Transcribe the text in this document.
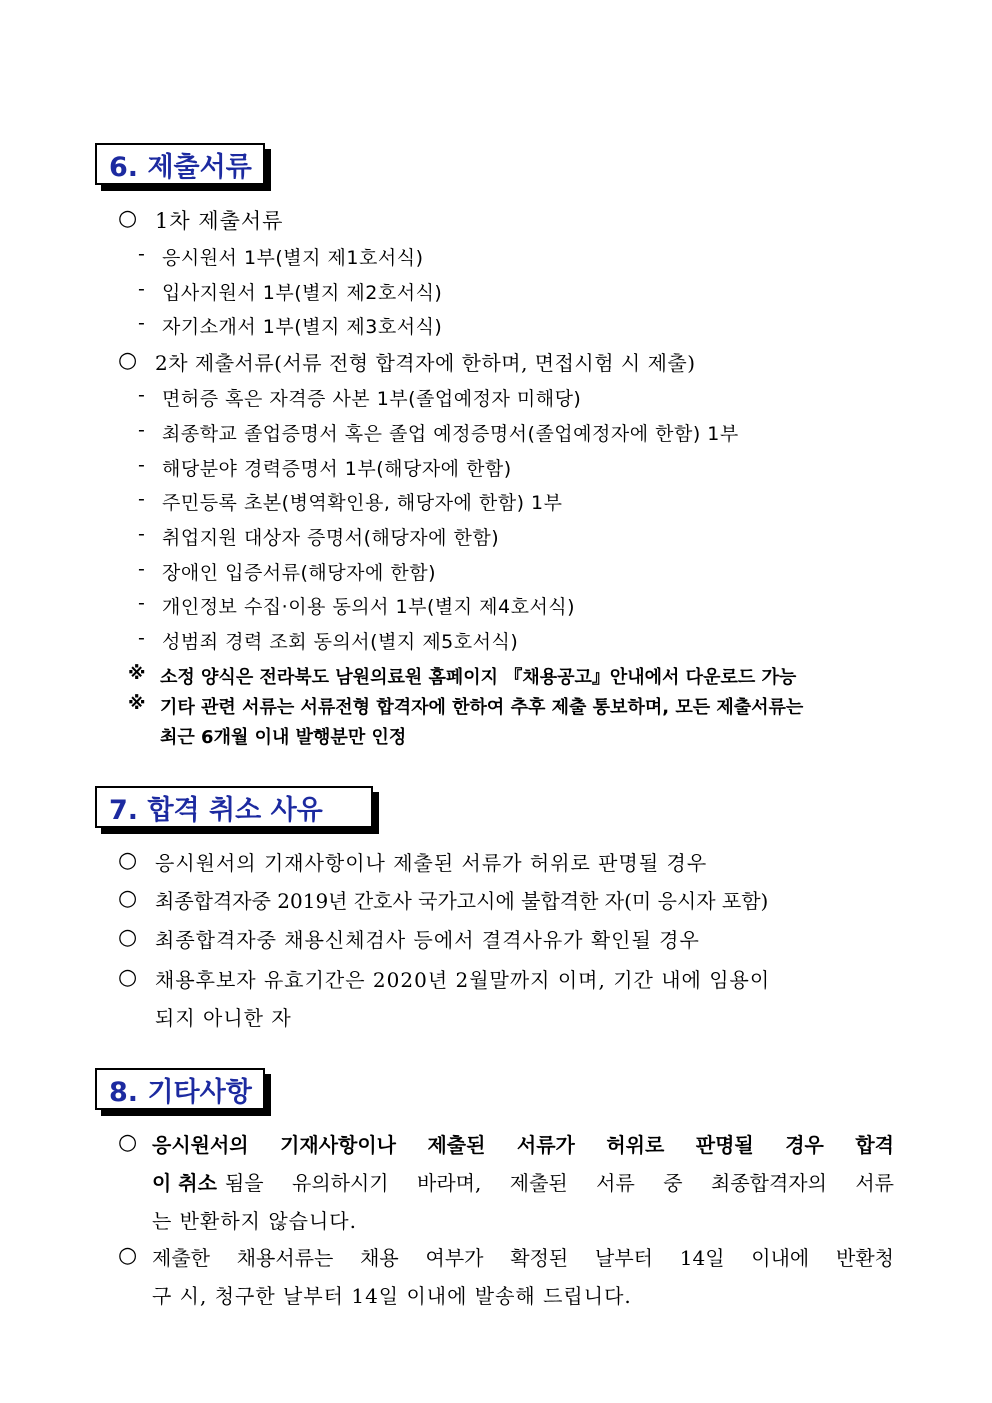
6. 제출서류
○ 1차 제출서류
- 응시원서 1부(별지 제1호서식)
- 입사지원서 1부(별지 제2호서식)
- 자기소개서 1부(별지 제3호서식)
○ 2차 제출서류(서류 전형 합격자에 한하며, 면접시험 시 제출)
- 면허증 혹은 자격증 사본 1부(졸업예정자 미해당)
- 최종학교 졸업증명서 혹은 졸업 예정증명서(졸업예정자에 한함) 1부
- 해당분야 경력증명서 1부(해당자에 한함)
- 주민등록 초본(병역확인용, 해당자에 한함) 1부
- 취업지원 대상자 증명서(해당자에 한함)
- 장애인 입증서류(해당자에 한함)
- 개인정보 수집·이용 동의서 1부(별지 제4호서식)
- 성범죄 경력 조회 동의서(별지 제5호서식)
※ 소정 양식은 전라북도 남원의료원 홈페이지 『채용공고』안내에서 다운로드 가능
※ 기타 관련 서류는 서류전형 합격자에 한하여 추후 제출 통보하며, 모든 제출서류는
최근 6개월 이내 발행분만 인정
7. 합격 취소 사유
○ 응시원서의 기재사항이나 제출된 서류가 허위로 판명될 경우
○ 최종합격자중 2019년 간호사 국가고시에 불합격한 자(미 응시자 포함)
○ 최종합격자중 채용신체검사 등에서 결격사유가 확인될 경우
○ 채용후보자 유효기간은 2020년 2월말까지 이며, 기간 내에 임용이
되지 아니한 자
8. 기타사항
○ 응시원서의 기재사항이나 제출된 서류가 허위로 판명될 경우 합격
이 취소 됨을 유의하시기 바라며, 제출된 서류 중 최종합격자의 서류
는 반환하지 않습니다.
○ 제출한 채용서류는 채용 여부가 확정된 날부터 14일 이내에 반환청
구 시, 청구한 날부터 14일 이내에 발송해 드립니다.
